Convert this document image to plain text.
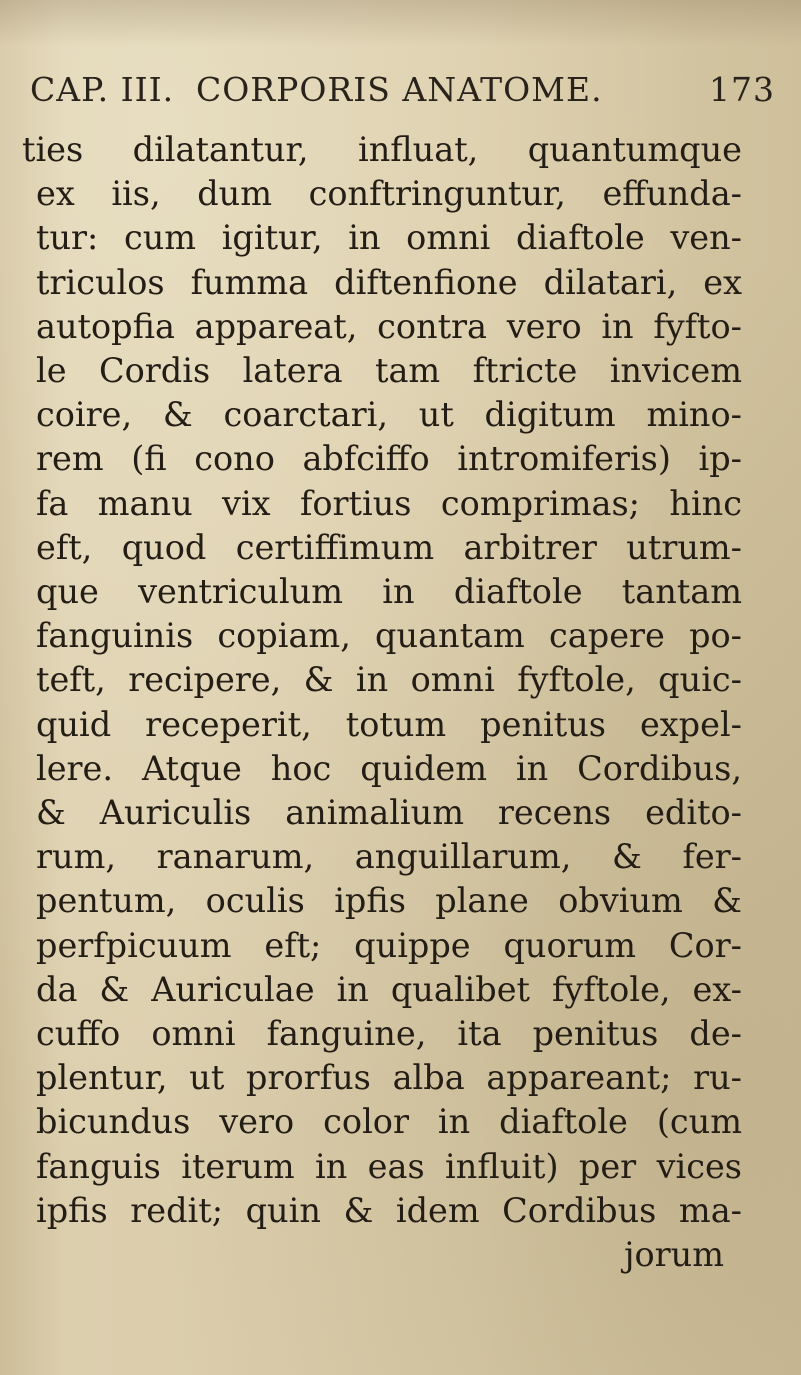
CAP. III. CORPORIS ANATOME.	173
ties dilatantur, influat, quantumque
ex iis, dum conftringuntur, effunda-
tur: cum igitur, in omni diaftole ven-
triculos fumma diftenfione dilatari, ex
autopfia appareat, contra vero in fyfto-
le Cordis latera tam ftricte invicem
coire, & coarctari, ut digitum mino-
rem (fi cono abfciffo intromiferis) ip-
fa manu vix fortius comprimas; hinc
eft, quod certiffimum arbitrer utrum-
que ventriculum in diaftole tantam
fanguinis copiam, quantam capere po-
teft, recipere, & in omni fyftole, quic-
quid receperit, totum penitus expel-
lere. Atque hoc quidem in Cordibus,
& Auriculis animalium recens edito-
rum, ranarum, anguillarum, & fer-
pentum, oculis ipfis plane obvium &
perfpicuum eft; quippe quorum Cor-
da & Auriculae in qualibet fyftole, ex-
cuffo omni fanguine, ita penitus de-
plentur, ut prorfus alba appareant; ru-
bicundus vero color in diaftole (cum
fanguis iterum in eas influit) per vices
ipfis redit; quin & idem Cordibus ma-
jorum
